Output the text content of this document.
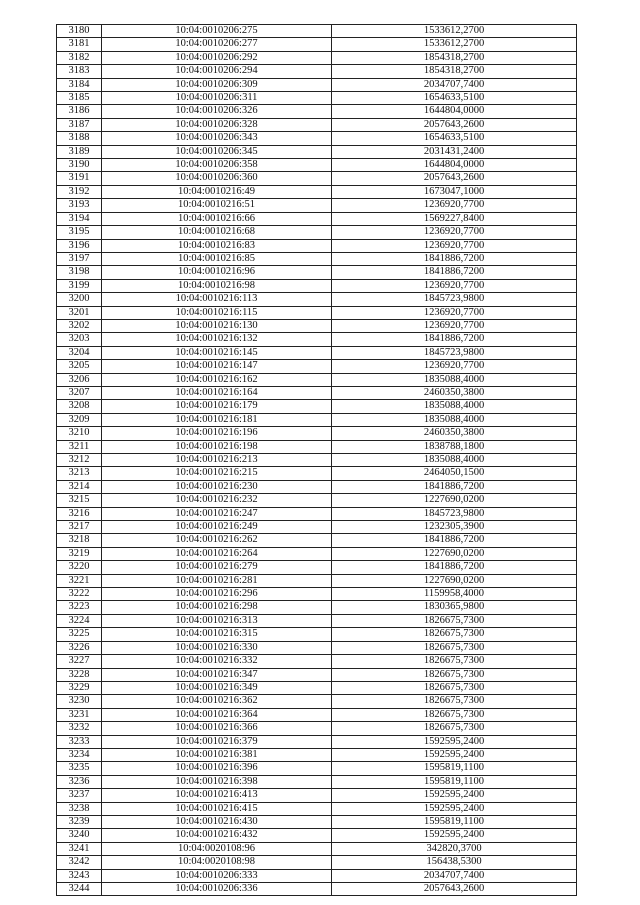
3180	10:04:0010206:275	1533612,2700
3181	10:04:0010206:277	1533612,2700
3182	10:04:0010206:292	1854318,2700
3183	10:04:0010206:294	1854318,2700
3184	10:04:0010206:309	2034707,7400
3185	10:04:0010206:311	1654633,5100
3186	10:04:0010206:326	1644804,0000
3187	10:04:0010206:328	2057643,2600
3188	10:04:0010206:343	1654633,5100
3189	10:04:0010206:345	2031431,2400
3190	10:04:0010206:358	1644804,0000
3191	10:04:0010206:360	2057643,2600
3192	10:04:0010216:49	1673047,1000
3193	10:04:0010216:51	1236920,7700
3194	10:04:0010216:66	1569227,8400
3195	10:04:0010216:68	1236920,7700
3196	10:04:0010216:83	1236920,7700
3197	10:04:0010216:85	1841886,7200
3198	10:04:0010216:96	1841886,7200
3199	10:04:0010216:98	1236920,7700
3200	10:04:0010216:113	1845723,9800
3201	10:04:0010216:115	1236920,7700
3202	10:04:0010216:130	1236920,7700
3203	10:04:0010216:132	1841886,7200
3204	10:04:0010216:145	1845723,9800
3205	10:04:0010216:147	1236920,7700
3206	10:04:0010216:162	1835088,4000
3207	10:04:0010216:164	2460350,3800
3208	10:04:0010216:179	1835088,4000
3209	10:04:0010216:181	1835088,4000
3210	10:04:0010216:196	2460350,3800
3211	10:04:0010216:198	1838788,1800
3212	10:04:0010216:213	1835088,4000
3213	10:04:0010216:215	2464050,1500
3214	10:04:0010216:230	1841886,7200
3215	10:04:0010216:232	1227690,0200
3216	10:04:0010216:247	1845723,9800
3217	10:04:0010216:249	1232305,3900
3218	10:04:0010216:262	1841886,7200
3219	10:04:0010216:264	1227690,0200
3220	10:04:0010216:279	1841886,7200
3221	10:04:0010216:281	1227690,0200
3222	10:04:0010216:296	1159958,4000
3223	10:04:0010216:298	1830365,9800
3224	10:04:0010216:313	1826675,7300
3225	10:04:0010216:315	1826675,7300
3226	10:04:0010216:330	1826675,7300
3227	10:04:0010216:332	1826675,7300
3228	10:04:0010216:347	1826675,7300
3229	10:04:0010216:349	1826675,7300
3230	10:04:0010216:362	1826675,7300
3231	10:04:0010216:364	1826675,7300
3232	10:04:0010216:366	1826675,7300
3233	10:04:0010216:379	1592595,2400
3234	10:04:0010216:381	1592595,2400
3235	10:04:0010216:396	1595819,1100
3236	10:04:0010216:398	1595819,1100
3237	10:04:0010216:413	1592595,2400
3238	10:04:0010216:415	1592595,2400
3239	10:04:0010216:430	1595819,1100
3240	10:04:0010216:432	1592595,2400
3241	10:04:0020108:96	342820,3700
3242	10:04:0020108:98	156438,5300
3243	10:04:0010206:333	2034707,7400
3244	10:04:0010206:336	2057643,2600
